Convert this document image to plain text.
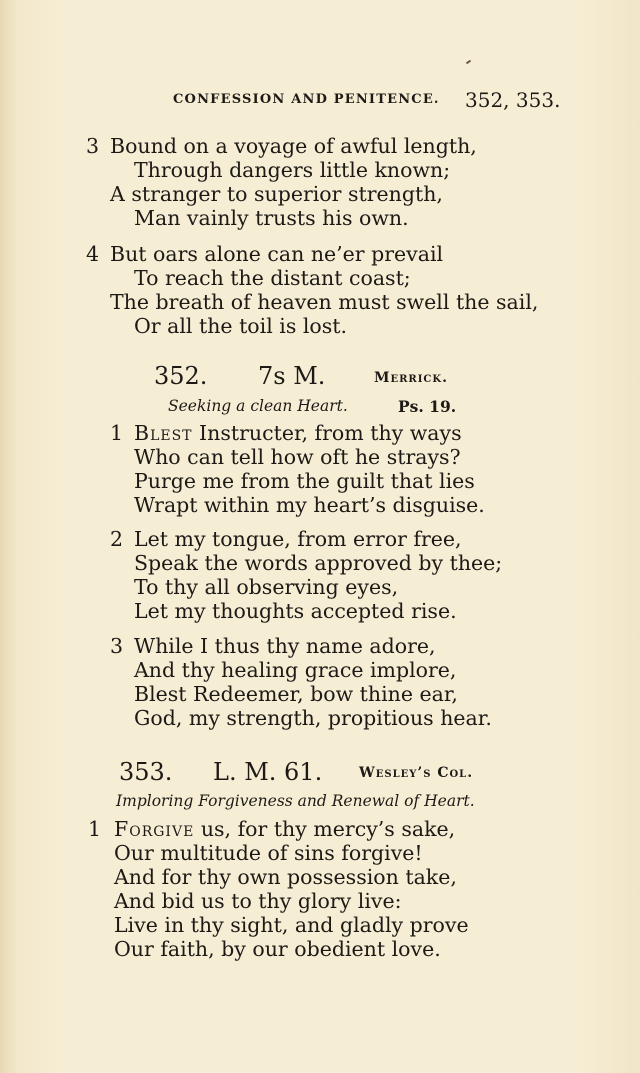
CONFESSION AND PENITENCE. 352, 353.
3 Bound on a voyage of awful length,
Through dangers little known;
A stranger to superior strength,
Man vainly trusts his own.
4 But oars alone can ne’er prevail
To reach the distant coast;
The breath of heaven must swell the sail,
Or all the toil is lost.
352. 7s M.	Merrick.
Seeking a clean Heart.	Ps. 19.
1 Blest Instructer, from thy ways
Who can tell how oft he strays?
Purge me from the guilt that lies
Wrapt within my heart’s disguise.
2 Let my tongue, from error free,
Speak the words approved by thee;
To thy all observing eyes,
Let my thoughts accepted rise.
3 While I thus thy name adore,
And thy healing grace implore,
Blest Redeemer, bow thine ear,
God, my strength, propitious hear.
353. L. M. 61.	Wesley’s Col.
Imploring Forgiveness and Renewal of Heart.
1 Forgive us, for thy mercy’s sake,
Our multitude of sins forgive!
And for thy own possession take,
And bid us to thy glory live:
Live in thy sight, and gladly prove
Our faith, by our obedient love.
